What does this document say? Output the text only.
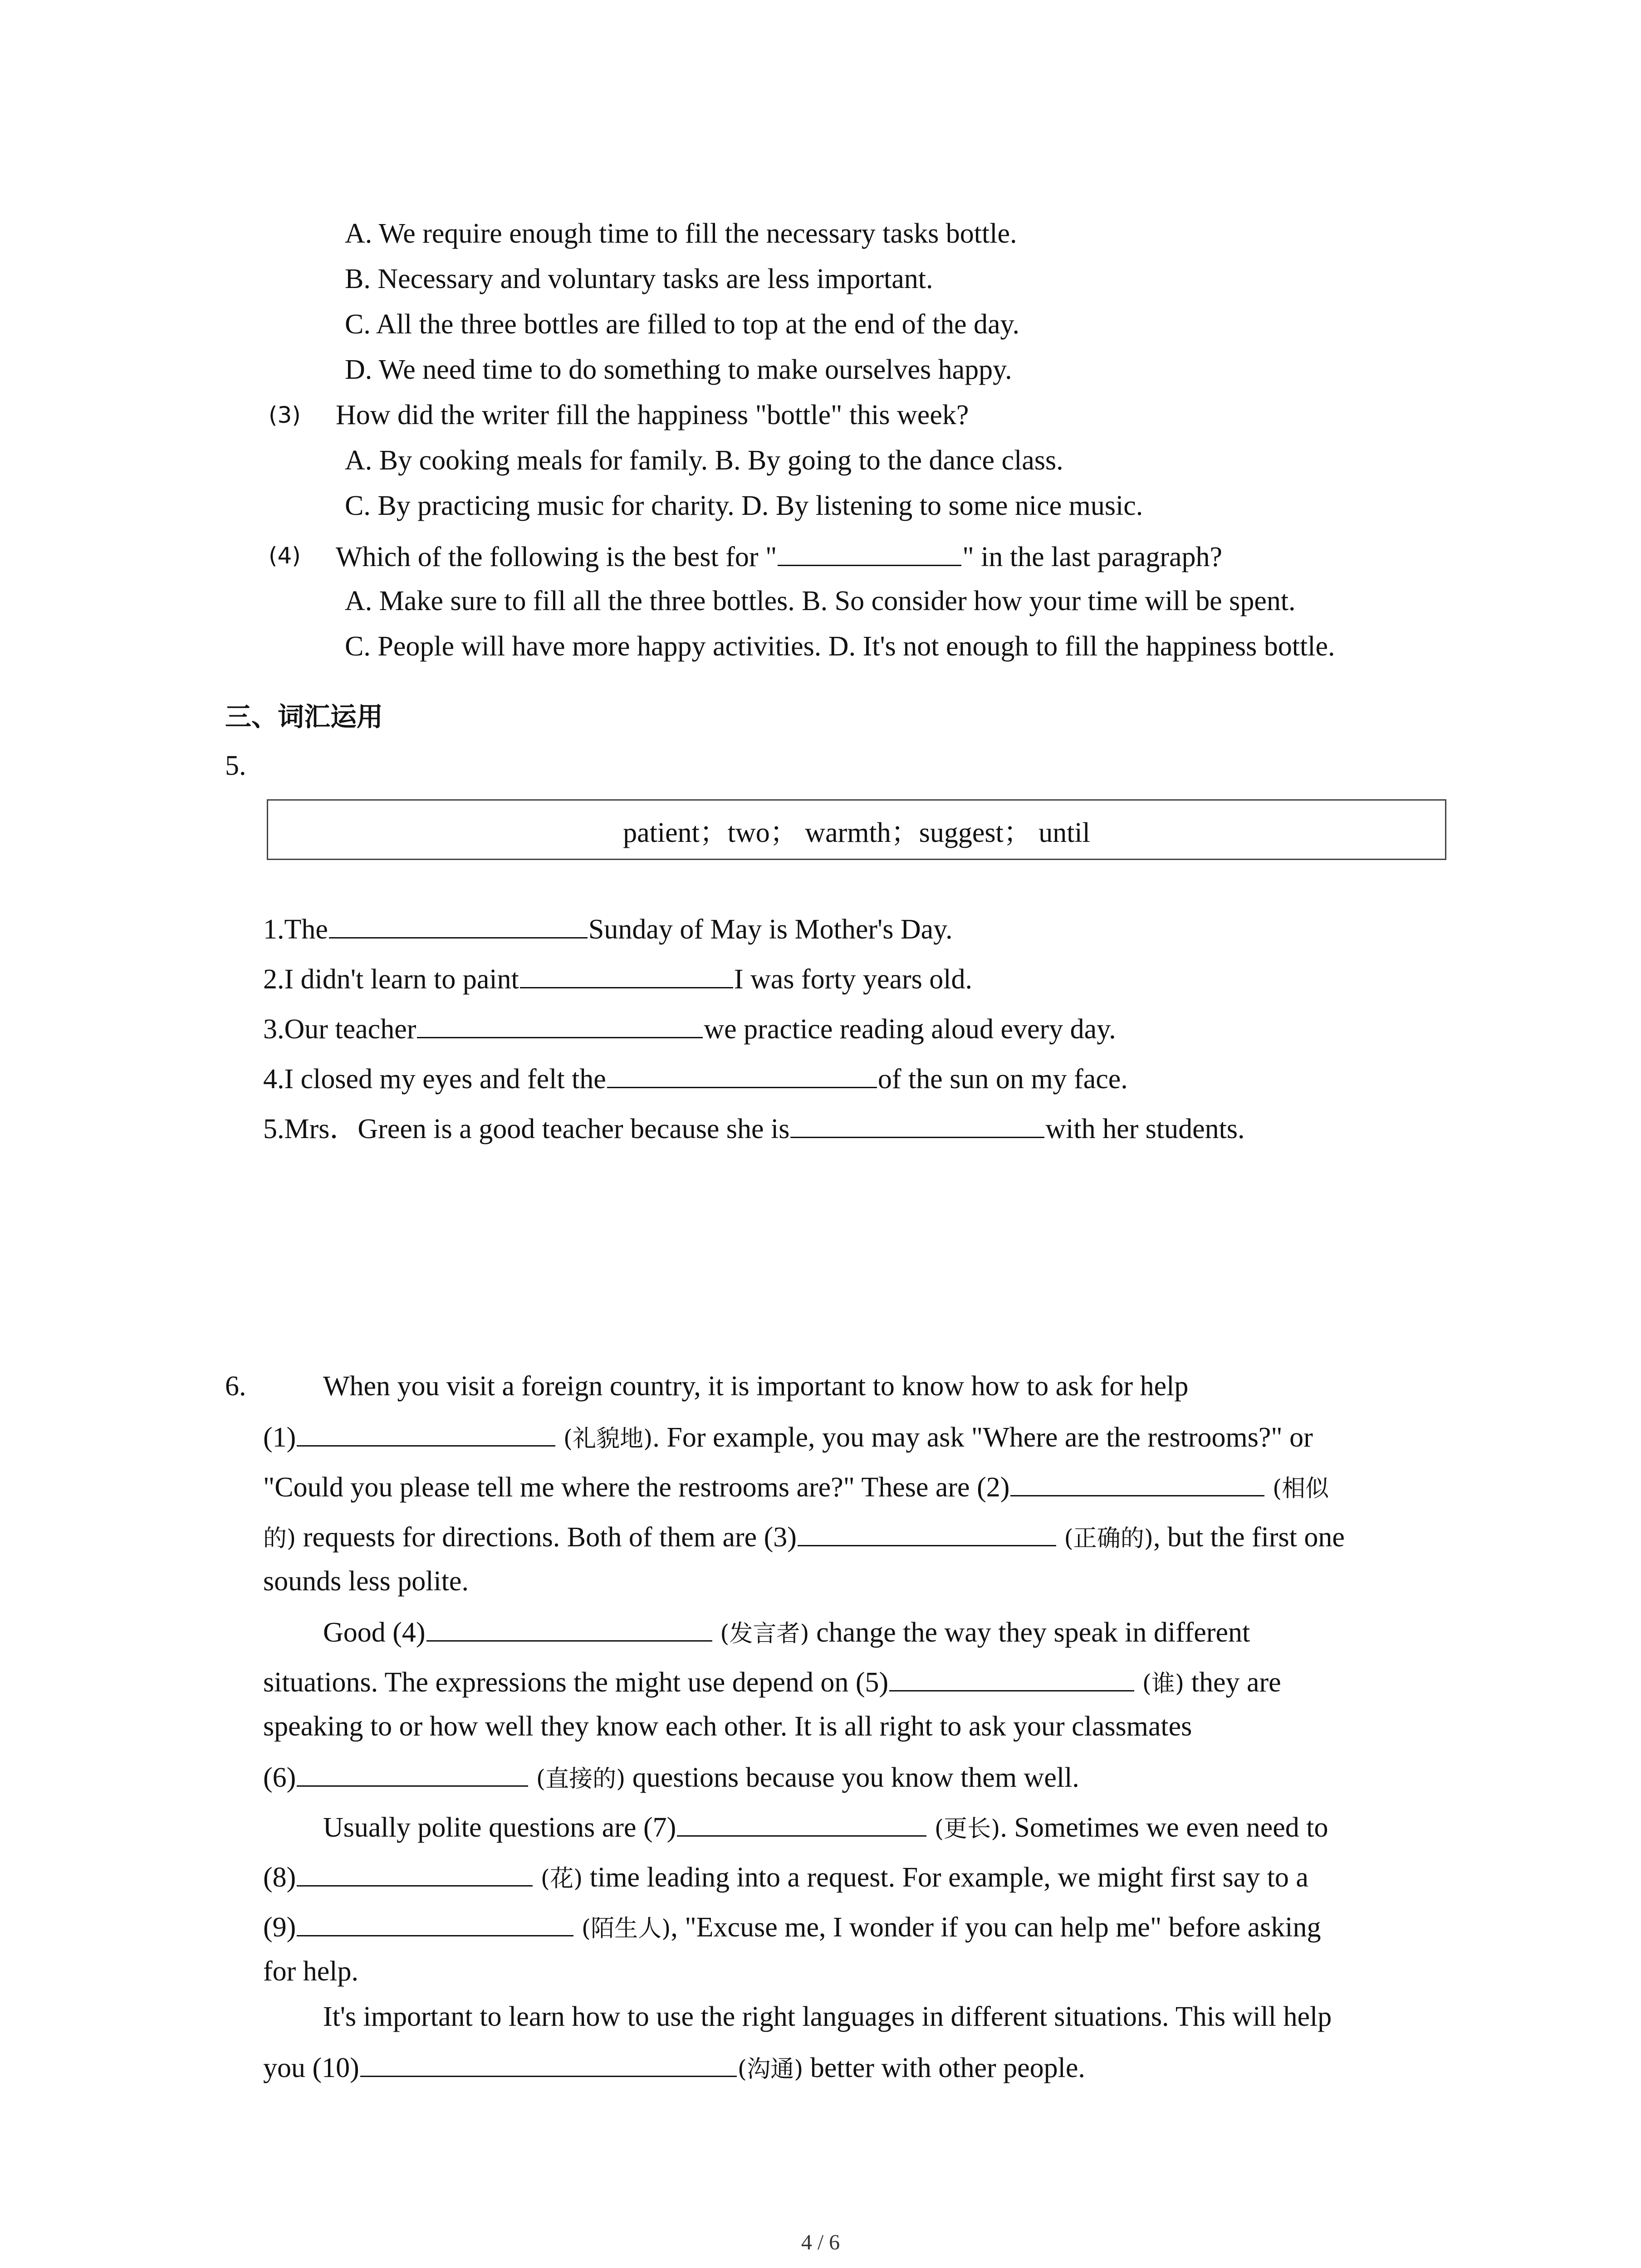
A. We require enough time to fill the necessary tasks bottle.
B. Necessary and voluntary tasks are less important.
C. All the three bottles are filled to top at the end of the day.
D. We need time to do something to make ourselves happy.
(3) How did the writer fill the happiness "bottle" this week?
A. By cooking meals for family. B. By going to the dance class.
C. By practicing music for charity. D. By listening to some nice music.
(4) Which of the following is the best for "	" in the last paragraph?
A. Make sure to fill all the three bottles. B. So consider how your time will be spent.
C. People will have more happy activities. D. It's not enough to fill the happiness bottle.
三、词汇运用
5.
patient；two； warmth；suggest； until
1.The	Sunday of May is Mother's Day.
2.I didn't learn to paint	I was forty years old.
3.Our teacher	we practice reading aloud every day.
4.I closed my eyes and felt the	of the sun on my face.
5.Mrs．Green is a good teacher because she is	with her students.
6.	When you visit a foreign country, it is important to know how to ask for help
(1)	(礼貌地). For example, you may ask "Where are the restrooms?" or
"Could you please tell me where the restrooms are?" These are (2)	(相似
的) requests for directions. Both of them are (3)	(正确的), but the first one
sounds less polite.
Good (4)	(发言者) change the way they speak in different
situations. The expressions the might use depend on (5)	(谁) they are
speaking to or how well they know each other. It is all right to ask your classmates
(6)	(直接的) questions because you know them well.
Usually polite questions are (7)	(更长). Sometimes we even need to
(8)	(花) time leading into a request. For example, we might first say to a
(9)	(陌生人), "Excuse me, I wonder if you can help me" before asking
for help.
It's important to learn how to use the right languages in different situations. This will help
you (10)	(沟通) better with other people.
4 / 6
